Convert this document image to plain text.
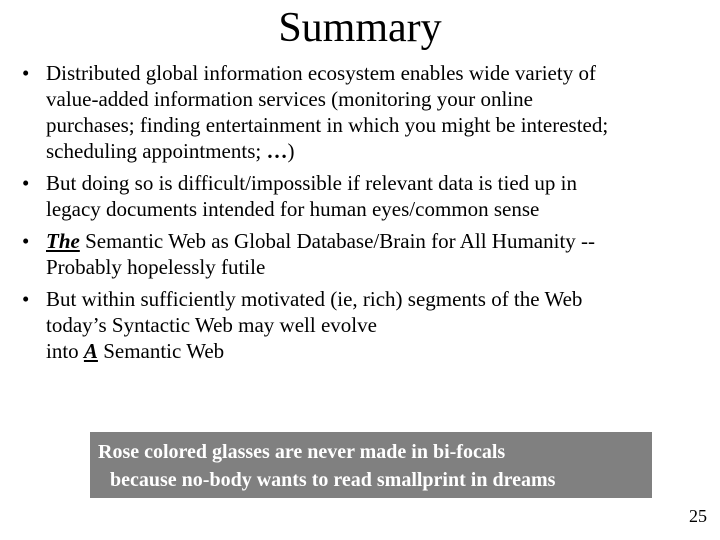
Summary
• Distributed global information ecosystem enables wide variety of
value-added information services (monitoring your online
purchases; finding entertainment in which you might be interested;
scheduling appointments; …)
• But doing so is difficult/impossible if relevant data is tied up in
legacy documents intended for human eyes/common sense
• The Semantic Web as Global Database/Brain for All Humanity --
Probably hopelessly futile
• But within sufficiently motivated (ie, rich) segments of the Web
today’s Syntactic Web may well evolve
into A Semantic Web
Rose colored glasses are never made in bi-focals
because no-body wants to read smallprint in dreams
25
